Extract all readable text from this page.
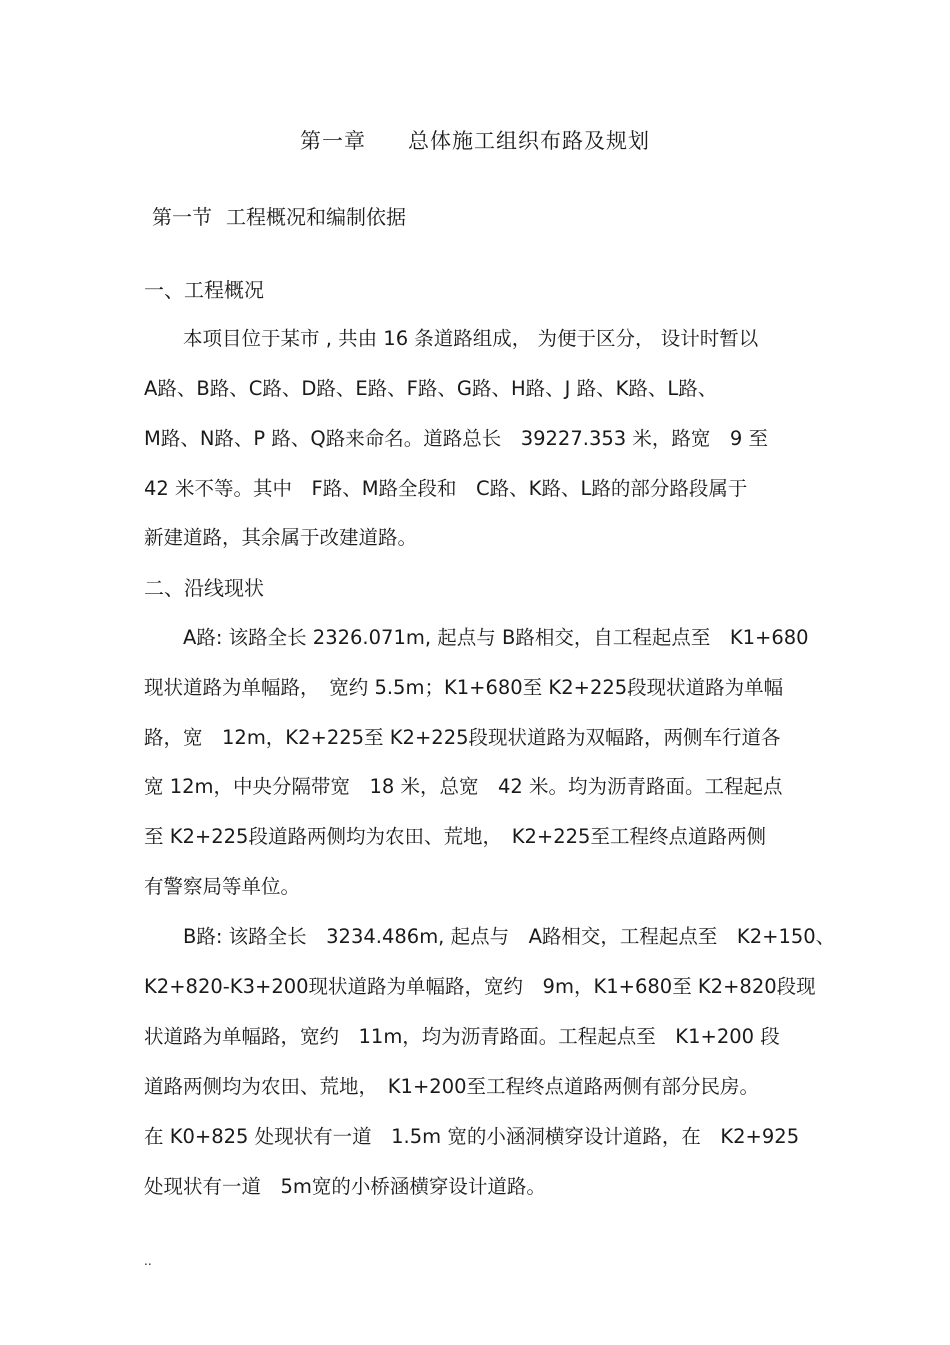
第一章 总体施工组织布路及规划
第一节 工程概况和编制依据
一、工程概况
　　本项目位于某市 , 共由 16 条道路组成， 为便于区分， 设计时暂以
A路、B路、C路、D路、E路、F路、G路、H路、J 路、K路、L路、
M路、N路、P 路、Q路来命名。道路总长　39227.353 米，路宽　9 至
42 米不等。其中　F路、M路全段和　C路、K路、L路的部分路段属于
新建道路，其余属于改建道路。
二、沿线现状
　　A路: 该路全长 2326.071m, 起点与 B路相交，自工程起点至　K1+680
现状道路为单幅路，　宽约 5.5m；K1+680至 K2+225段现状道路为单幅
路，宽　12m，K2+225至 K2+225段现状道路为双幅路，两侧车行道各
宽 12m，中央分隔带宽　18 米，总宽　42 米。均为沥青路面。工程起点
至 K2+225段道路两侧均为农田、荒地，　K2+225至工程终点道路两侧
有警察局等单位。
　　B路: 该路全长　3234.486m, 起点与　A路相交，工程起点至　K2+150、
K2+820-K3+200现状道路为单幅路，宽约　9m，K1+680至 K2+820段现
状道路为单幅路，宽约　11m，均为沥青路面。工程起点至　K1+200 段
道路两侧均为农田、荒地，　K1+200至工程终点道路两侧有部分民房。
在 K0+825 处现状有一道　1.5m 宽的小涵洞横穿设计道路，在　K2+925
处现状有一道　5m宽的小桥涵横穿设计道路。
..
